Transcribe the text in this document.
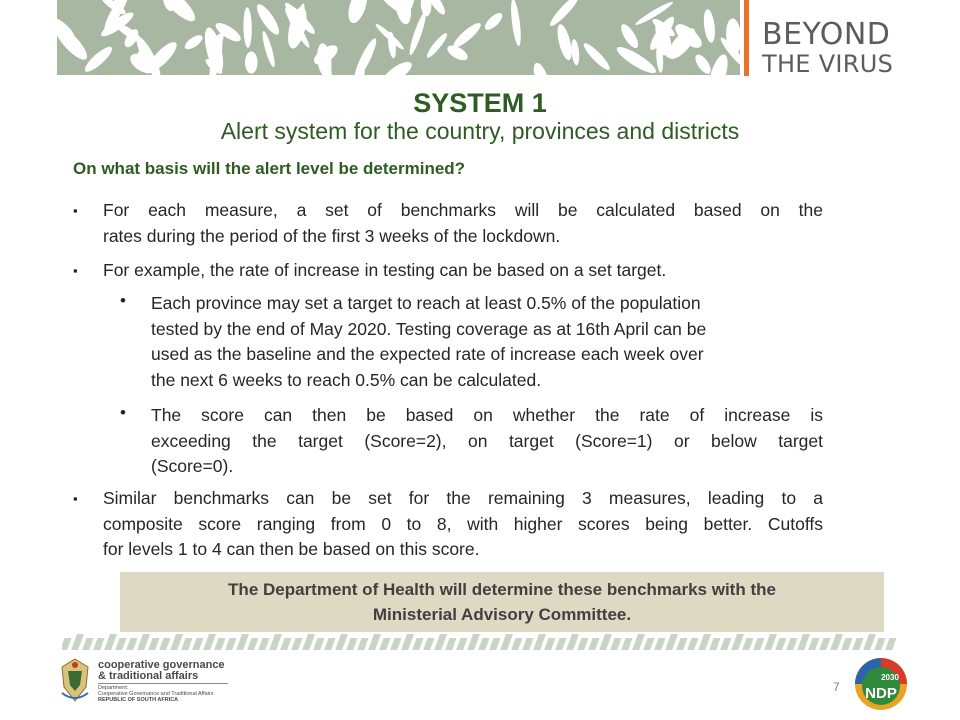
BEYOND
THE VIRUS
SYSTEM 1
Alert system for the country, provinces and districts
On what basis will the alert level be determined?
▪ For each measure, a set of benchmarks will be calculated based on the
rates during the period of the first 3 weeks of the lockdown.
▪ For example, the rate of increase in testing can be based on a set target.
• Each province may set a target to reach at least 0.5% of the population
tested by the end of May 2020. Testing coverage as at 16th April can be
used as the baseline and the expected rate of increase each week over
the next 6 weeks to reach 0.5% can be calculated.
• The score can then be based on whether the rate of increase is
exceeding the target (Score=2), on target (Score=1) or below target
(Score=0).
▪ Similar benchmarks can be set for the remaining 3 measures, leading to a
composite score ranging from 0 to 8, with higher scores being better. Cutoffs
for levels 1 to 4 can then be based on this score.
The Department of Health will determine these benchmarks with the
Ministerial Advisory Committee.
cooperative governance
& traditional affairs
Department:
Cooperative Governance and Traditional Affairs
REPUBLIC OF SOUTH AFRICA
7
2030
NDP
